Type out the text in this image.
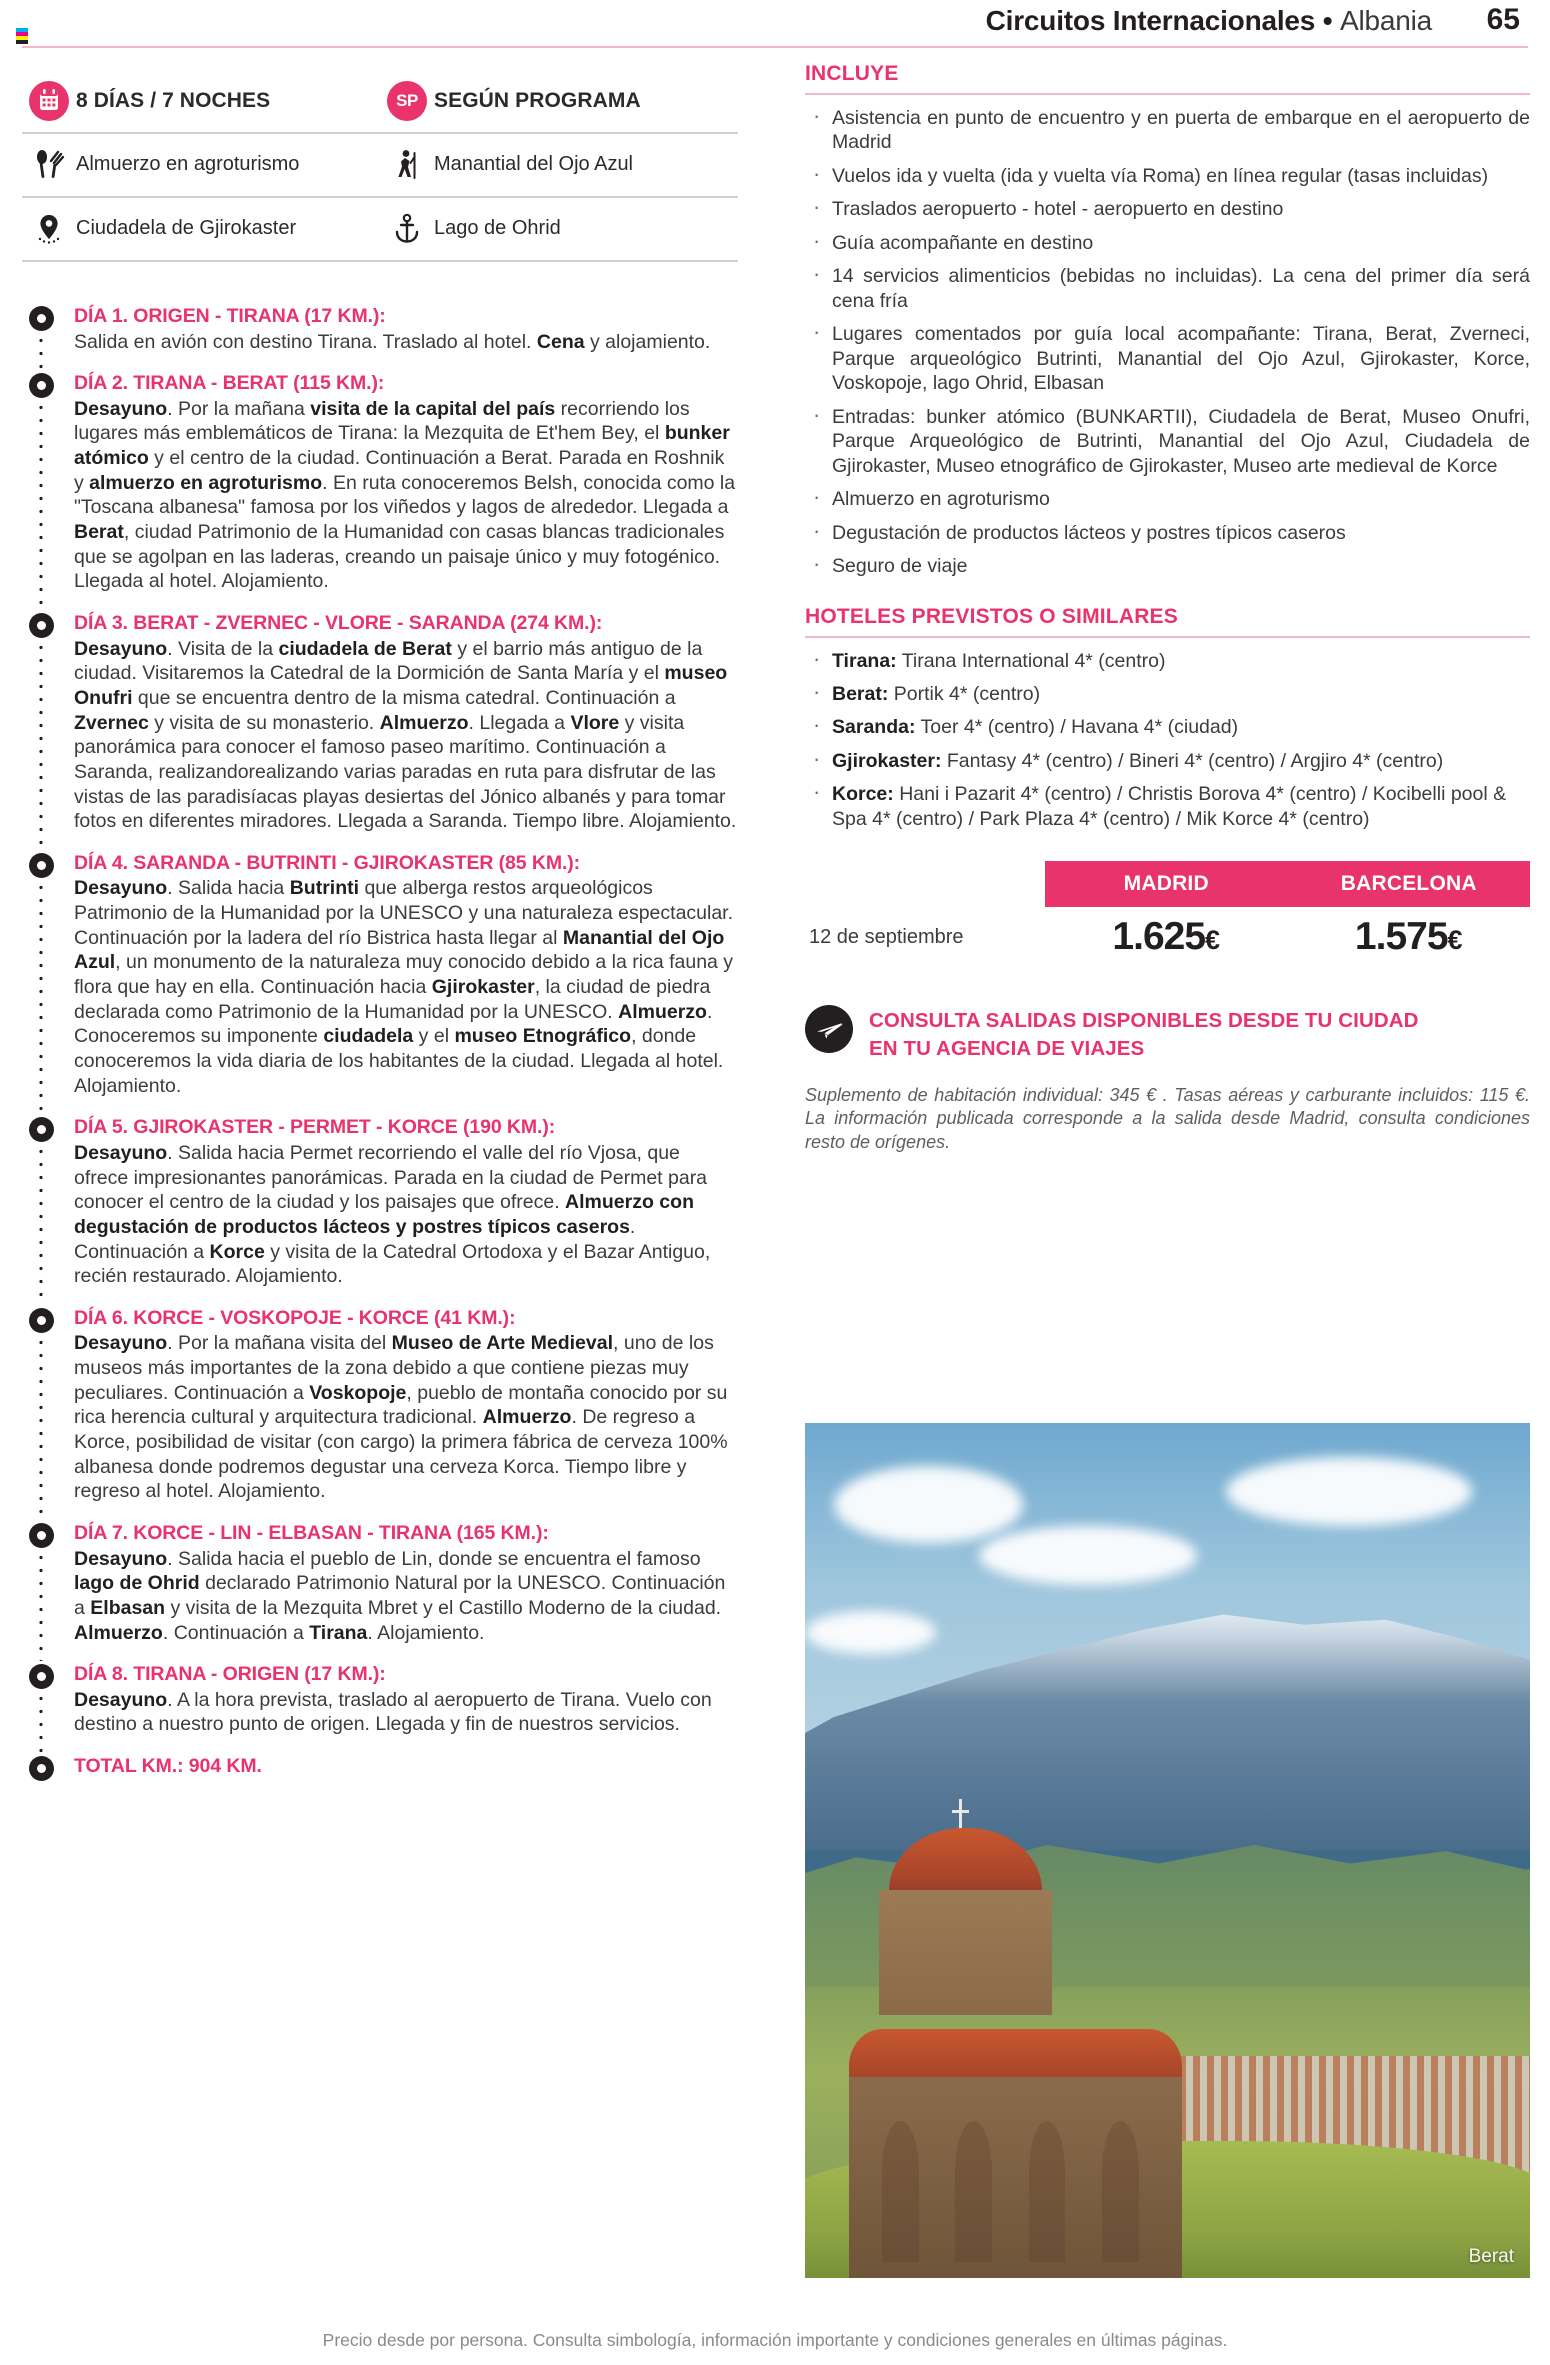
Circuitos Internacionales • Albania 65
8 DÍAS / 7 NOCHES	SP SEGÚN PROGRAMA
Almuerzo en agroturismo	Manantial del Ojo Azul
Ciudadela de Gjirokaster	Lago de Ohrid
DÍA 1. ORIGEN - TIRANA (17 KM.):
Salida en avión con destino Tirana. Traslado al hotel. Cena y alojamiento.
DÍA 2. TIRANA - BERAT (115 KM.):
Desayuno. Por la mañana visita de la capital del país recorriendo los lugares más emblemáticos de Tirana: la Mezquita de Et'hem Bey, el bunker atómico y el centro de la ciudad. Continuación a Berat. Parada en Roshnik y almuerzo en agroturismo. En ruta conoceremos Belsh, conocida como la "Toscana albanesa" famosa por los viñedos y lagos de alrededor. Llegada a Berat, ciudad Patrimonio de la Humanidad con casas blancas tradicionales que se agolpan en las laderas, creando un paisaje único y muy fotogénico. Llegada al hotel. Alojamiento.
DÍA 3. BERAT - ZVERNEC - VLORE - SARANDA (274 KM.):
Desayuno. Visita de la ciudadela de Berat y el barrio más antiguo de la ciudad. Visitaremos la Catedral de la Dormición de Santa María y el museo Onufri que se encuentra dentro de la misma catedral. Continuación a Zvernec y visita de su monasterio. Almuerzo. Llegada a Vlore y visita panorámica para conocer el famoso paseo marítimo. Continuación a Saranda, realizandorealizando varias paradas en ruta para disfrutar de las vistas de las paradisíacas playas desiertas del Jónico albanés y para tomar fotos en diferentes miradores. Llegada a Saranda. Tiempo libre. Alojamiento.
DÍA 4. SARANDA - BUTRINTI - GJIROKASTER (85 KM.):
Desayuno. Salida hacia Butrinti que alberga restos arqueológicos Patrimonio de la Humanidad por la UNESCO y una naturaleza espectacular. Continuación por la ladera del río Bistrica hasta llegar al Manantial del Ojo Azul, un monumento de la naturaleza muy conocido debido a la rica fauna y flora que hay en ella. Continuación hacia Gjirokaster, la ciudad de piedra declarada como Patrimonio de la Humanidad por la UNESCO. Almuerzo. Conoceremos su imponente ciudadela y el museo Etnográfico, donde conoceremos la vida diaria de los habitantes de la ciudad. Llegada al hotel. Alojamiento.
DÍA 5. GJIROKASTER - PERMET - KORCE (190 KM.):
Desayuno. Salida hacia Permet recorriendo el valle del río Vjosa, que ofrece impresionantes panorámicas. Parada en la ciudad de Permet para conocer el centro de la ciudad y los paisajes que ofrece. Almuerzo con degustación de productos lácteos y postres típicos caseros. Continuación a Korce y visita de la Catedral Ortodoxa y el Bazar Antiguo, recién restaurado. Alojamiento.
DÍA 6. KORCE - VOSKOPOJE - KORCE (41 KM.):
Desayuno. Por la mañana visita del Museo de Arte Medieval, uno de los museos más importantes de la zona debido a que contiene piezas muy peculiares. Continuación a Voskopoje, pueblo de montaña conocido por su rica herencia cultural y arquitectura tradicional. Almuerzo. De regreso a Korce, posibilidad de visitar (con cargo) la primera fábrica de cerveza 100% albanesa donde podremos degustar una cerveza Korca. Tiempo libre y regreso al hotel. Alojamiento.
DÍA 7. KORCE - LIN - ELBASAN - TIRANA (165 KM.):
Desayuno. Salida hacia el pueblo de Lin, donde se encuentra el famoso lago de Ohrid declarado Patrimonio Natural por la UNESCO. Continuación a Elbasan y visita de la Mezquita Mbret y el Castillo Moderno de la ciudad. Almuerzo. Continuación a Tirana. Alojamiento.
DÍA 8. TIRANA - ORIGEN (17 KM.):
Desayuno. A la hora prevista, traslado al aeropuerto de Tirana. Vuelo con destino a nuestro punto de origen. Llegada y fin de nuestros servicios.
TOTAL KM.: 904 KM.
INCLUYE
· Asistencia en punto de encuentro y en puerta de embarque en el aeropuerto de Madrid
· Vuelos ida y vuelta (ida y vuelta vía Roma) en línea regular (tasas incluidas)
· Traslados aeropuerto - hotel - aeropuerto en destino
· Guía acompañante en destino
· 14 servicios alimenticios (bebidas no incluidas). La cena del primer día será cena fría
· Lugares comentados por guía local acompañante: Tirana, Berat, Zverneci, Parque arqueológico Butrinti, Manantial del Ojo Azul, Gjirokaster, Korce, Voskopoje, lago Ohrid, Elbasan
· Entradas: bunker atómico (BUNKARTII), Ciudadela de Berat, Museo Onufri, Parque Arqueológico de Butrinti, Manantial del Ojo Azul, Ciudadela de Gjirokaster, Museo etnográfico de Gjirokaster, Museo arte medieval de Korce
· Almuerzo en agroturismo
· Degustación de productos lácteos y postres típicos caseros
· Seguro de viaje
HOTELES PREVISTOS O SIMILARES
· Tirana: Tirana International 4* (centro)
· Berat: Portik 4* (centro)
· Saranda: Toer 4* (centro) / Havana 4* (ciudad)
· Gjirokaster: Fantasy 4* (centro) / Bineri 4* (centro) / Argjiro 4* (centro)
· Korce: Hani i Pazarit 4* (centro) / Christis Borova 4* (centro) / Kocibelli pool & Spa 4* (centro) / Park Plaza 4* (centro) / Mik Korce 4* (centro)
MADRID	BARCELONA
12 de septiembre	1.625€	1.575€
CONSULTA SALIDAS DISPONIBLES DESDE TU CIUDAD
EN TU AGENCIA DE VIAJES
Suplemento de habitación individual: 345 € . Tasas aéreas y carburante incluidos: 115 €. La información publicada corresponde a la salida desde Madrid, consulta condiciones resto de orígenes.
Berat
Precio desde por persona. Consulta simbología, información importante y condiciones generales en últimas páginas.
